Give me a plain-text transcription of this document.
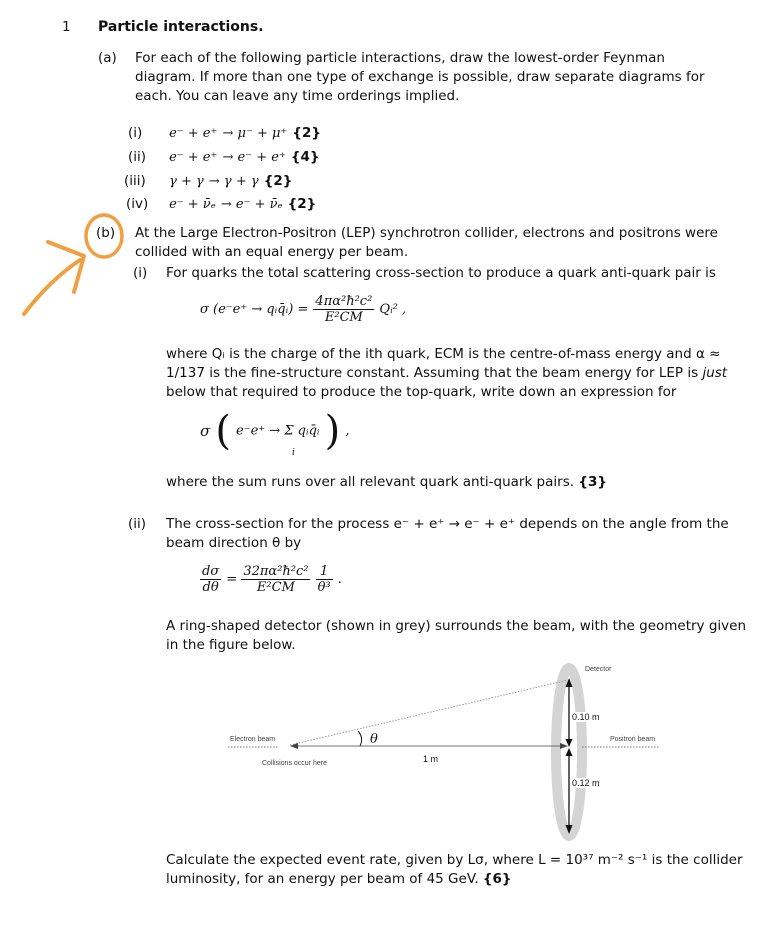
1 Particle interactions.
(a) For each of the following particle interactions, draw the lowest-order Feynman diagram. If more than one type of exchange is possible, draw separate diagrams for each. You can leave any time orderings implied.
(i) e⁻ + e⁺ → μ⁻ + μ⁺ {2}
(ii) e⁻ + e⁺ → e⁻ + e⁺ {4}
(iii) γ + γ → γ + γ {2}
(iv) e⁻ + ν̄ₑ → e⁻ + ν̄ₑ {2}
(b) At the Large Electron-Positron (LEP) synchrotron collider, electrons and positrons were collided with an equal energy per beam.
(i) For quarks the total scattering cross-section to produce a quark anti-quark pair is
σ (e⁻e⁺ → qᵢq̄ᵢ) = $\frac{\text{4πα²ħ²c²}}{\text{E²CM}}$ Qᵢ² ,
where Qᵢ is the charge of the ith quark, ECM is the centre-of-mass energy and α ≈
1/137 is the fine-structure constant. Assuming that the beam energy for LEP is just
below that required to produce the top-quark, write down an expression for
σ ( e⁻e⁺ → Σ qᵢq̄ᵢ ) ,
i
where the sum runs over all relevant quark anti-quark pairs. {3}
(ii) The cross-section for the process e⁻ + e⁺ → e⁻ + e⁺ depends on the angle from the
beam direction θ by
$\frac{d\sigma}{d\theta} = \frac{\text{32πα²ħ²c²}}{\text{E²CM}}$
$\frac{1}{\text{θ³}}$ .
A ring-shaped detector (shown in grey) surrounds the beam, with the geometry given
in the figure below.
Detector
0.10 m
0.12 m
Electron beam	Positron beam
Collisions occur here	1 m
θ
Calculate the expected event rate, given by Lσ, where L = 10³⁷ m⁻² s⁻¹ is the collider
luminosity, for an energy per beam of 45 GeV. {6}
